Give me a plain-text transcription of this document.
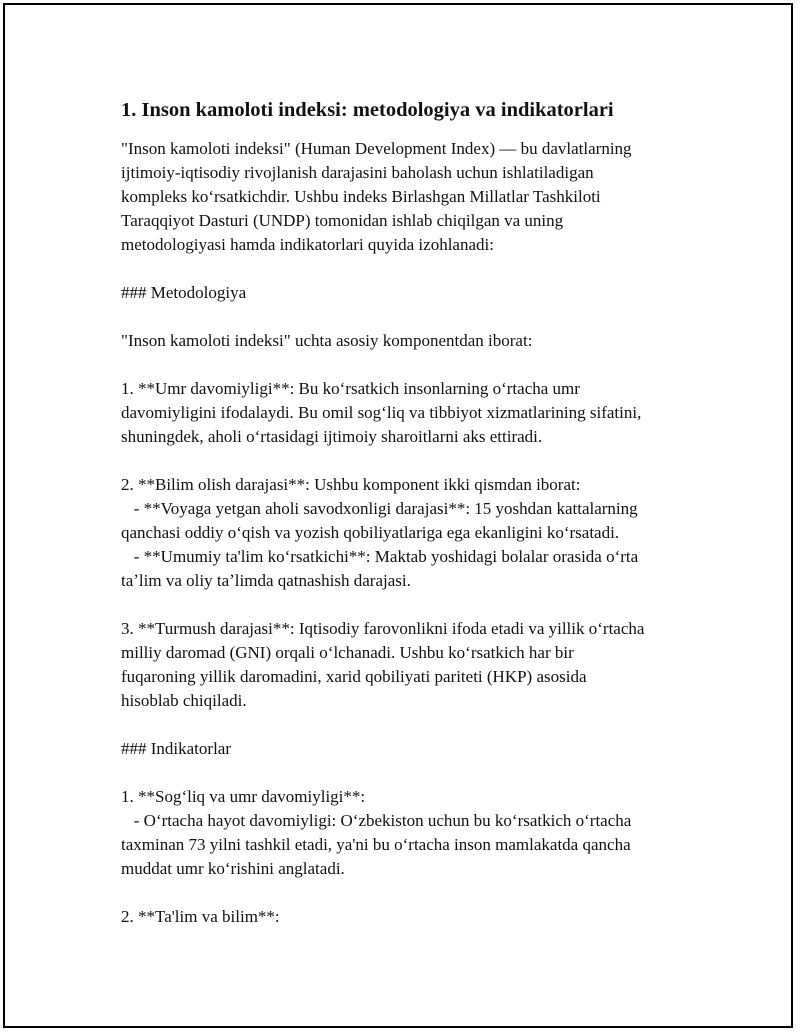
1. Inson kamoloti indeksi: metodologiya va indikatorlari
"Inson kamoloti indeksi" (Human Development Index) — bu davlatlarning
ijtimoiy-iqtisodiy rivojlanish darajasini baholash uchun ishlatiladigan
kompleks koʻrsatkichdir. Ushbu indeks Birlashgan Millatlar Tashkiloti
Taraqqiyot Dasturi (UNDP) tomonidan ishlab chiqilgan va uning
metodologiyasi hamda indikatorlari quyida izohlanadi:
### Metodologiya
"Inson kamoloti indeksi" uchta asosiy komponentdan iborat:
1. **Umr davomiyligi**: Bu koʻrsatkich insonlarning oʻrtacha umr
davomiyligini ifodalaydi. Bu omil sogʻliq va tibbiyot xizmatlarining sifatini,
shuningdek, aholi oʻrtasidagi ijtimoiy sharoitlarni aks ettiradi.
2. **Bilim olish darajasi**: Ushbu komponent ikki qismdan iborat:
- **Voyaga yetgan aholi savodxonligi darajasi**: 15 yoshdan kattalarning
qanchasi oddiy oʻqish va yozish qobiliyatlariga ega ekanligini koʻrsatadi.
- **Umumiy ta'lim koʻrsatkichi**: Maktab yoshidagi bolalar orasida oʻrta
taʼlim va oliy taʼlimda qatnashish darajasi.
3. **Turmush darajasi**: Iqtisodiy farovonlikni ifoda etadi va yillik oʻrtacha
milliy daromad (GNI) orqali oʻlchanadi. Ushbu koʻrsatkich har bir
fuqaroning yillik daromadini, xarid qobiliyati pariteti (HKP) asosida
hisoblab chiqiladi.
### Indikatorlar
1. **Sogʻliq va umr davomiyligi**:
- Oʻrtacha hayot davomiyligi: Oʻzbekiston uchun bu koʻrsatkich oʻrtacha
taxminan 73 yilni tashkil etadi, ya'ni bu oʻrtacha inson mamlakatda qancha
muddat umr koʻrishini anglatadi.
2. **Ta'lim va bilim**:
